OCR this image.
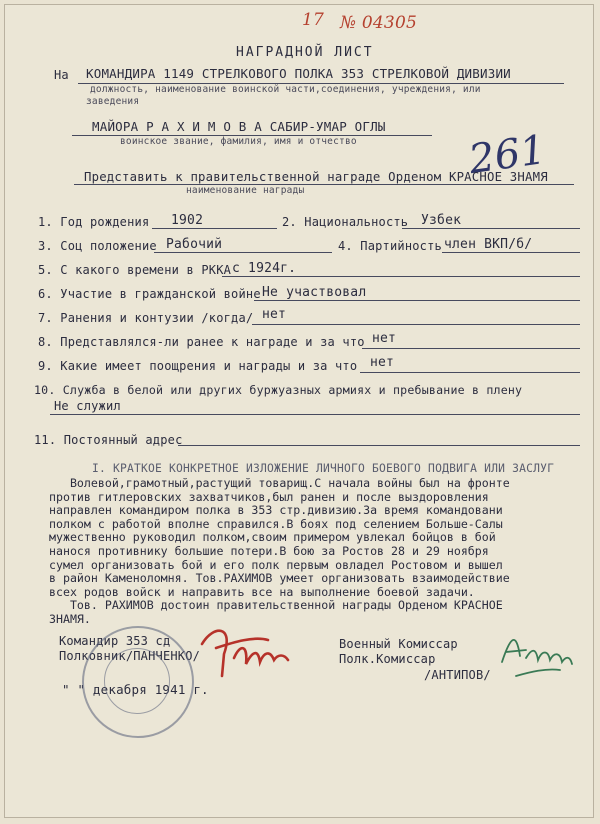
17 № 04305
261
НАГРАДНОЙ ЛИСТ
На КОМАНДИРА 1149 СТРЕЛКОВОГО ПОЛКА 353 СТРЕЛКОВОЙ ДИВИЗИИ
должность, наименование воинской части,соединения, учреждения, или
заведения
МАЙОРА Р А Х И М О В А САБИР-УМАР ОГЛЫ
воинское звание, фамилия, имя и отчество
Представить к правительственной награде Орденом КРАСНОЕ ЗНАМЯ
наименование награды
1. Год рождения 1902	2. Национальность Узбек
3. Соц положение Рабочий	4. Партийность член ВКП/б/
5. С какого времени в РККА с 1924г.
6. Участие в гражданской войне Не участвовал
7. Ранения и контузии /когда/ нет
8. Представлялся-ли ранее к награде и за что нет
9. Какие имеет поощрения и награды и за что нет
10. Служба в белой или других буржуазных армиях и пребывание в плену
Не служил
11. Постоянный адрес
I. КРАТКОЕ КОНКРЕТНОЕ ИЗЛОЖЕНИЕ ЛИЧНОГО БОЕВОГО ПОДВИГА ИЛИ ЗАСЛУГ
Волевой,грамотный,растущий товарищ.С начала войны был на фронте
против гитлеровских захватчиков,был ранен и после выздоровления
направлен командиром полка в 353 стр.дивизию.За время командовани
полком с работой вполне справился.В боях под селением Больше-Салы
мужественно руководил полком,своим примером увлекал бойцов в бой
нанося противнику большие потери.В бою за Ростов 28 и 29 ноября
сумел организовать бой и его полк первым овладел Ростовом и вышел
в район Каменоломня. Тов.РАХИМОВ умеет организовать взаимодействие
всех родов войск и направить все на выполнение боевой задачи.
Тов. РАХИМОВ достоин правительственной награды Орденом КРАСНОЕ
ЗНАМЯ.
Командир 353 сд
Полковник/ПАНЧЕНКО/
" " декабря 1941 г.
Военный Комиссар
Полк.Комиссар
/АНТИПОВ/
